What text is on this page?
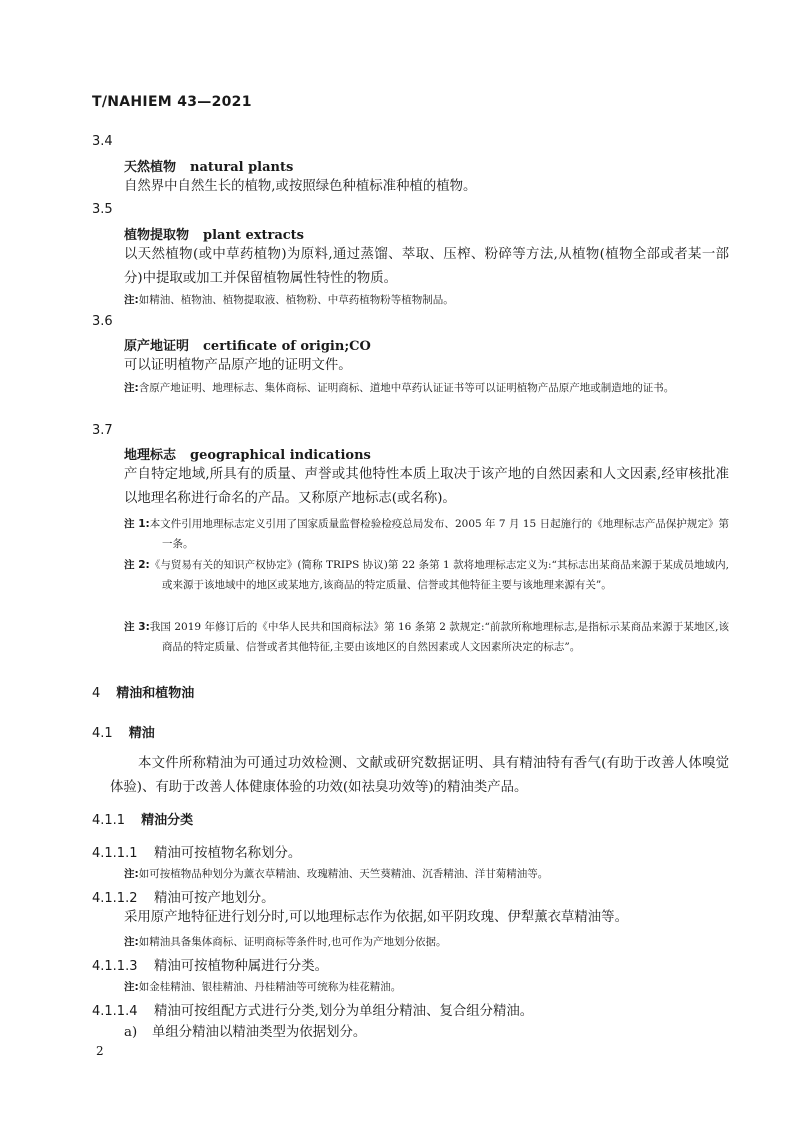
T/NAHIEM 43—2021
3.4
天然植物 natural plants
自然界中自然生长的植物,或按照绿色种植标准种植的植物。
3.5
植物提取物 plant extracts
以天然植物(或中草药植物)为原料,通过蒸馏、萃取、压榨、粉碎等方法,从植物(植物全部或者某一部分)中提取或加工并保留植物属性特性的物质。
注:如精油、植物油、植物提取液、植物粉、中草药植物粉等植物制品。
3.6
原产地证明 certificate of origin;CO
可以证明植物产品原产地的证明文件。
注:含原产地证明、地理标志、集体商标、证明商标、道地中草药认证证书等可以证明植物产品原产地或制造地的证书。
3.7
地理标志 geographical indications
产自特定地域,所具有的质量、声誉或其他特性本质上取决于该产地的自然因素和人文因素,经审核批准以地理名称进行命名的产品。又称原产地标志(或名称)。
注 1:本文件引用地理标志定义引用了国家质量监督检验检疫总局发布、2005 年 7 月 15 日起施行的《地理标志产品保护规定》第一条。
注 2:《与贸易有关的知识产权协定》(简称 TRIPS 协议)第 22 条第 1 款将地理标志定义为:“其标志出某商品来源于某成员地域内,或来源于该地域中的地区或某地方,该商品的特定质量、信誉或其他特征主要与该地理来源有关”。
注 3:我国 2019 年修订后的《中华人民共和国商标法》第 16 条第 2 款规定:“前款所称地理标志,是指标示某商品来源于某地区,该商品的特定质量、信誉或者其他特征,主要由该地区的自然因素或人文因素所决定的标志”。
4 精油和植物油
4.1 精油
本文件所称精油为可通过功效检测、文献或研究数据证明、具有精油特有香气(有助于改善人体嗅觉体验)、有助于改善人体健康体验的功效(如祛臭功效等)的精油类产品。
4.1.1 精油分类
4.1.1.1 精油可按植物名称划分。
注:如可按植物品种划分为薰衣草精油、玫瑰精油、天竺葵精油、沉香精油、洋甘菊精油等。
4.1.1.2 精油可按产地划分。
采用原产地特征进行划分时,可以地理标志作为依据,如平阴玫瑰、伊犁薰衣草精油等。
注:如精油具备集体商标、证明商标等条件时,也可作为产地划分依据。
4.1.1.3 精油可按植物种属进行分类。
注:如金桂精油、银桂精油、丹桂精油等可统称为桂花精油。
4.1.1.4 精油可按组配方式进行分类,划分为单组分精油、复合组分精油。
a) 单组分精油以精油类型为依据划分。
2
